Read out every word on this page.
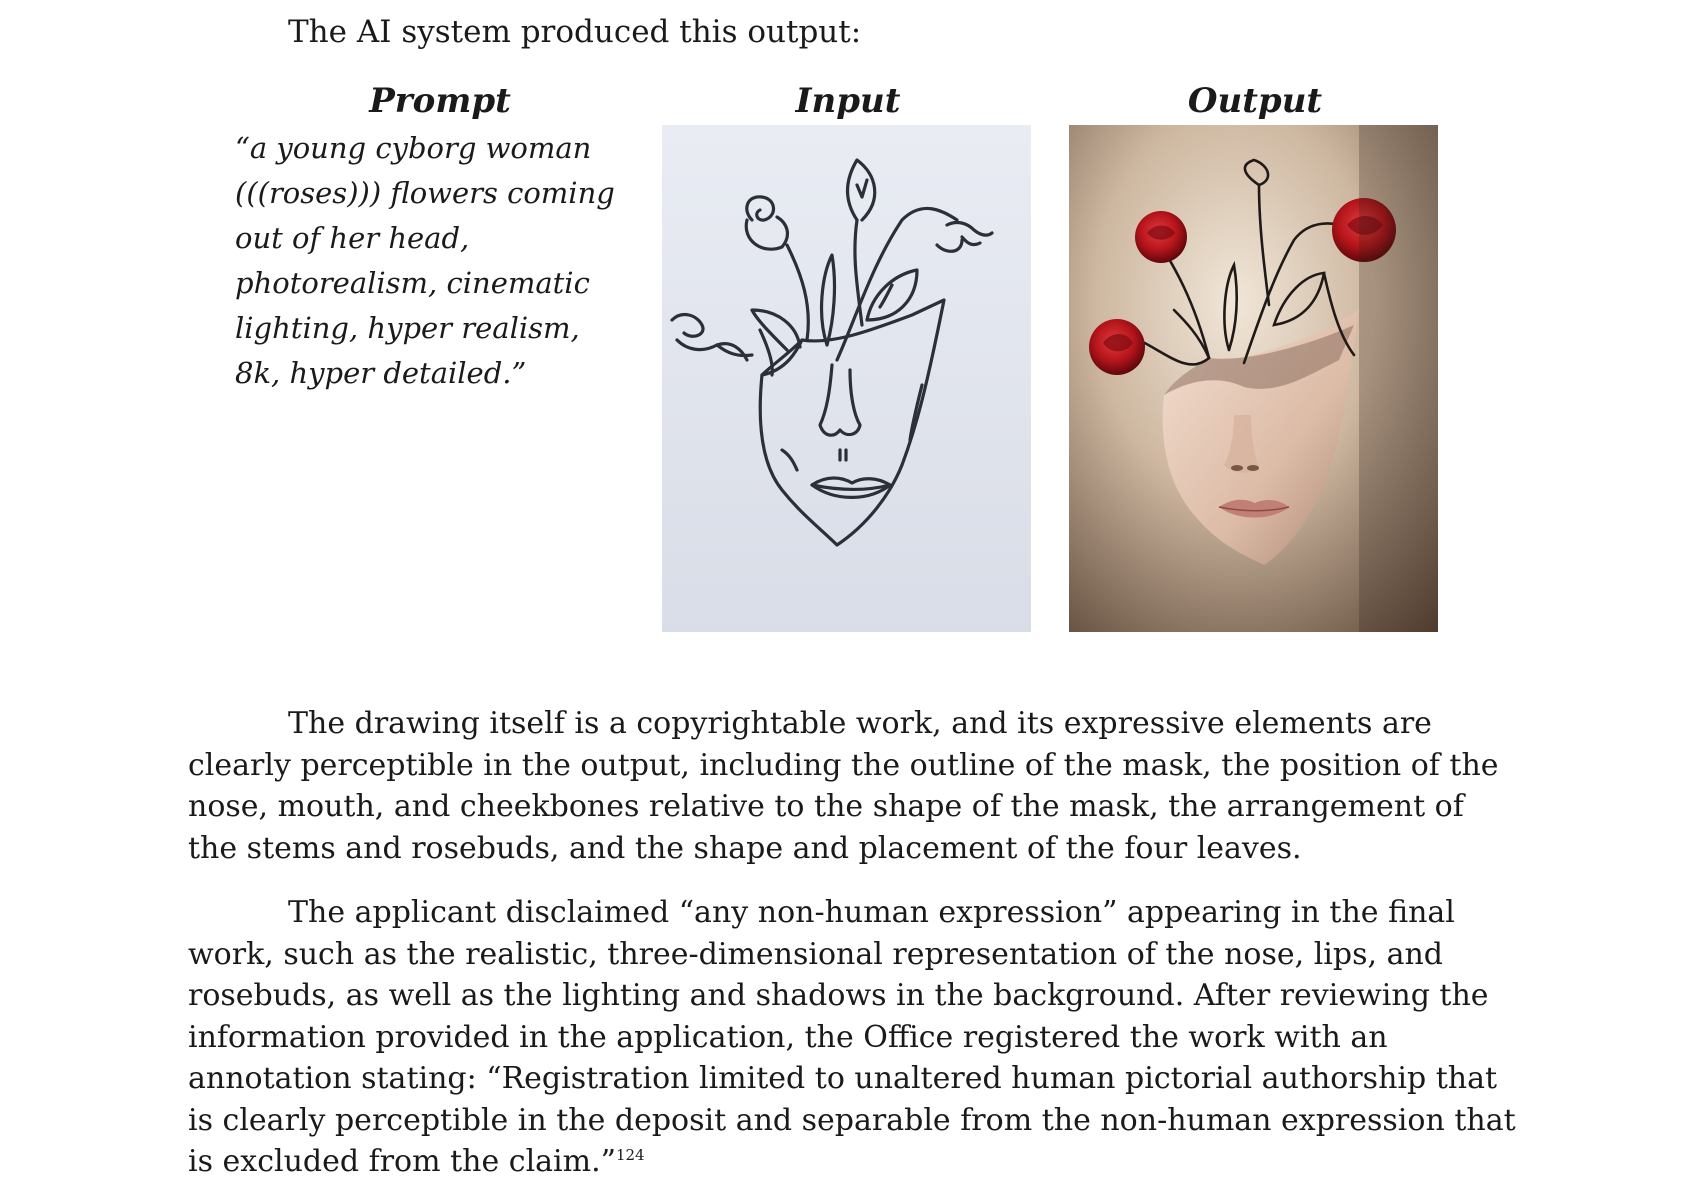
The AI system produced this output:

Prompt	Input	Output

“a young cyborg woman (((roses))) flowers coming out of her head, photorealism, cinematic lighting, hyper realism, 8k, hyper detailed.”

The drawing itself is a copyrightable work, and its expressive elements are clearly perceptible in the output, including the outline of the mask, the position of the nose, mouth, and cheekbones relative to the shape of the mask, the arrangement of the stems and rosebuds, and the shape and placement of the four leaves.

The applicant disclaimed “any non-human expression” appearing in the final work, such as the realistic, three-dimensional representation of the nose, lips, and rosebuds, as well as the lighting and shadows in the background. After reviewing the information provided in the application, the Office registered the work with an annotation stating: “Registration limited to unaltered human pictorial authorship that is clearly perceptible in the deposit and separable from the non-human expression that is excluded from the claim.”$^{124}$
